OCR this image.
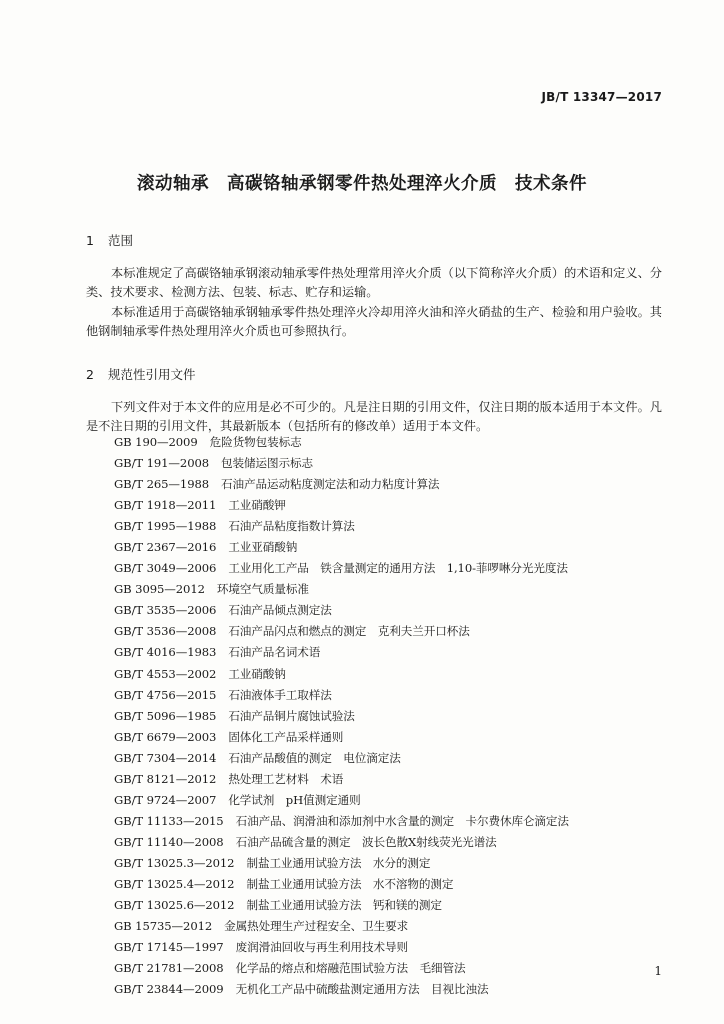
JB/T 13347—2017
滚动轴承　高碳铬轴承钢零件热处理淬火介质　技术条件
1 范围
本标准规定了高碳铬轴承钢滚动轴承零件热处理常用淬火介质（以下简称淬火介质）的术语和定义、分类、技术要求、检测方法、包装、标志、贮存和运输。
本标准适用于高碳铬轴承钢轴承零件热处理淬火冷却用淬火油和淬火硝盐的生产、检验和用户验收。其他钢制轴承零件热处理用淬火介质也可参照执行。
2 规范性引用文件
下列文件对于本文件的应用是必不可少的。凡是注日期的引用文件，仅注日期的版本适用于本文件。凡是不注日期的引用文件，其最新版本（包括所有的修改单）适用于本文件。
GB 190—2009 危险货物包装标志
GB/T 191—2008 包装储运图示标志
GB/T 265—1988 石油产品运动粘度测定法和动力粘度计算法
GB/T 1918—2011 工业硝酸钾
GB/T 1995—1988 石油产品粘度指数计算法
GB/T 2367—2016 工业亚硝酸钠
GB/T 3049—2006 工业用化工产品　铁含量测定的通用方法　1,10-菲啰啉分光光度法
GB 3095—2012 环境空气质量标准
GB/T 3535—2006 石油产品倾点测定法
GB/T 3536—2008 石油产品闪点和燃点的测定　克利夫兰开口杯法
GB/T 4016—1983 石油产品名词术语
GB/T 4553—2002 工业硝酸钠
GB/T 4756—2015 石油液体手工取样法
GB/T 5096—1985 石油产品铜片腐蚀试验法
GB/T 6679—2003 固体化工产品采样通则
GB/T 7304—2014 石油产品酸值的测定　电位滴定法
GB/T 8121—2012 热处理工艺材料　术语
GB/T 9724—2007 化学试剂　pH值测定通则
GB/T 11133—2015 石油产品、润滑油和添加剂中水含量的测定　卡尔费休库仑滴定法
GB/T 11140—2008 石油产品硫含量的测定　波长色散X射线荧光光谱法
GB/T 13025.3—2012 制盐工业通用试验方法　水分的测定
GB/T 13025.4—2012 制盐工业通用试验方法　水不溶物的测定
GB/T 13025.6—2012 制盐工业通用试验方法　钙和镁的测定
GB 15735—2012 金属热处理生产过程安全、卫生要求
GB/T 17145—1997 废润滑油回收与再生利用技术导则
GB/T 21781—2008 化学品的熔点和熔融范围试验方法　毛细管法
GB/T 23844—2009 无机化工产品中硫酸盐测定通用方法　目视比浊法
1
